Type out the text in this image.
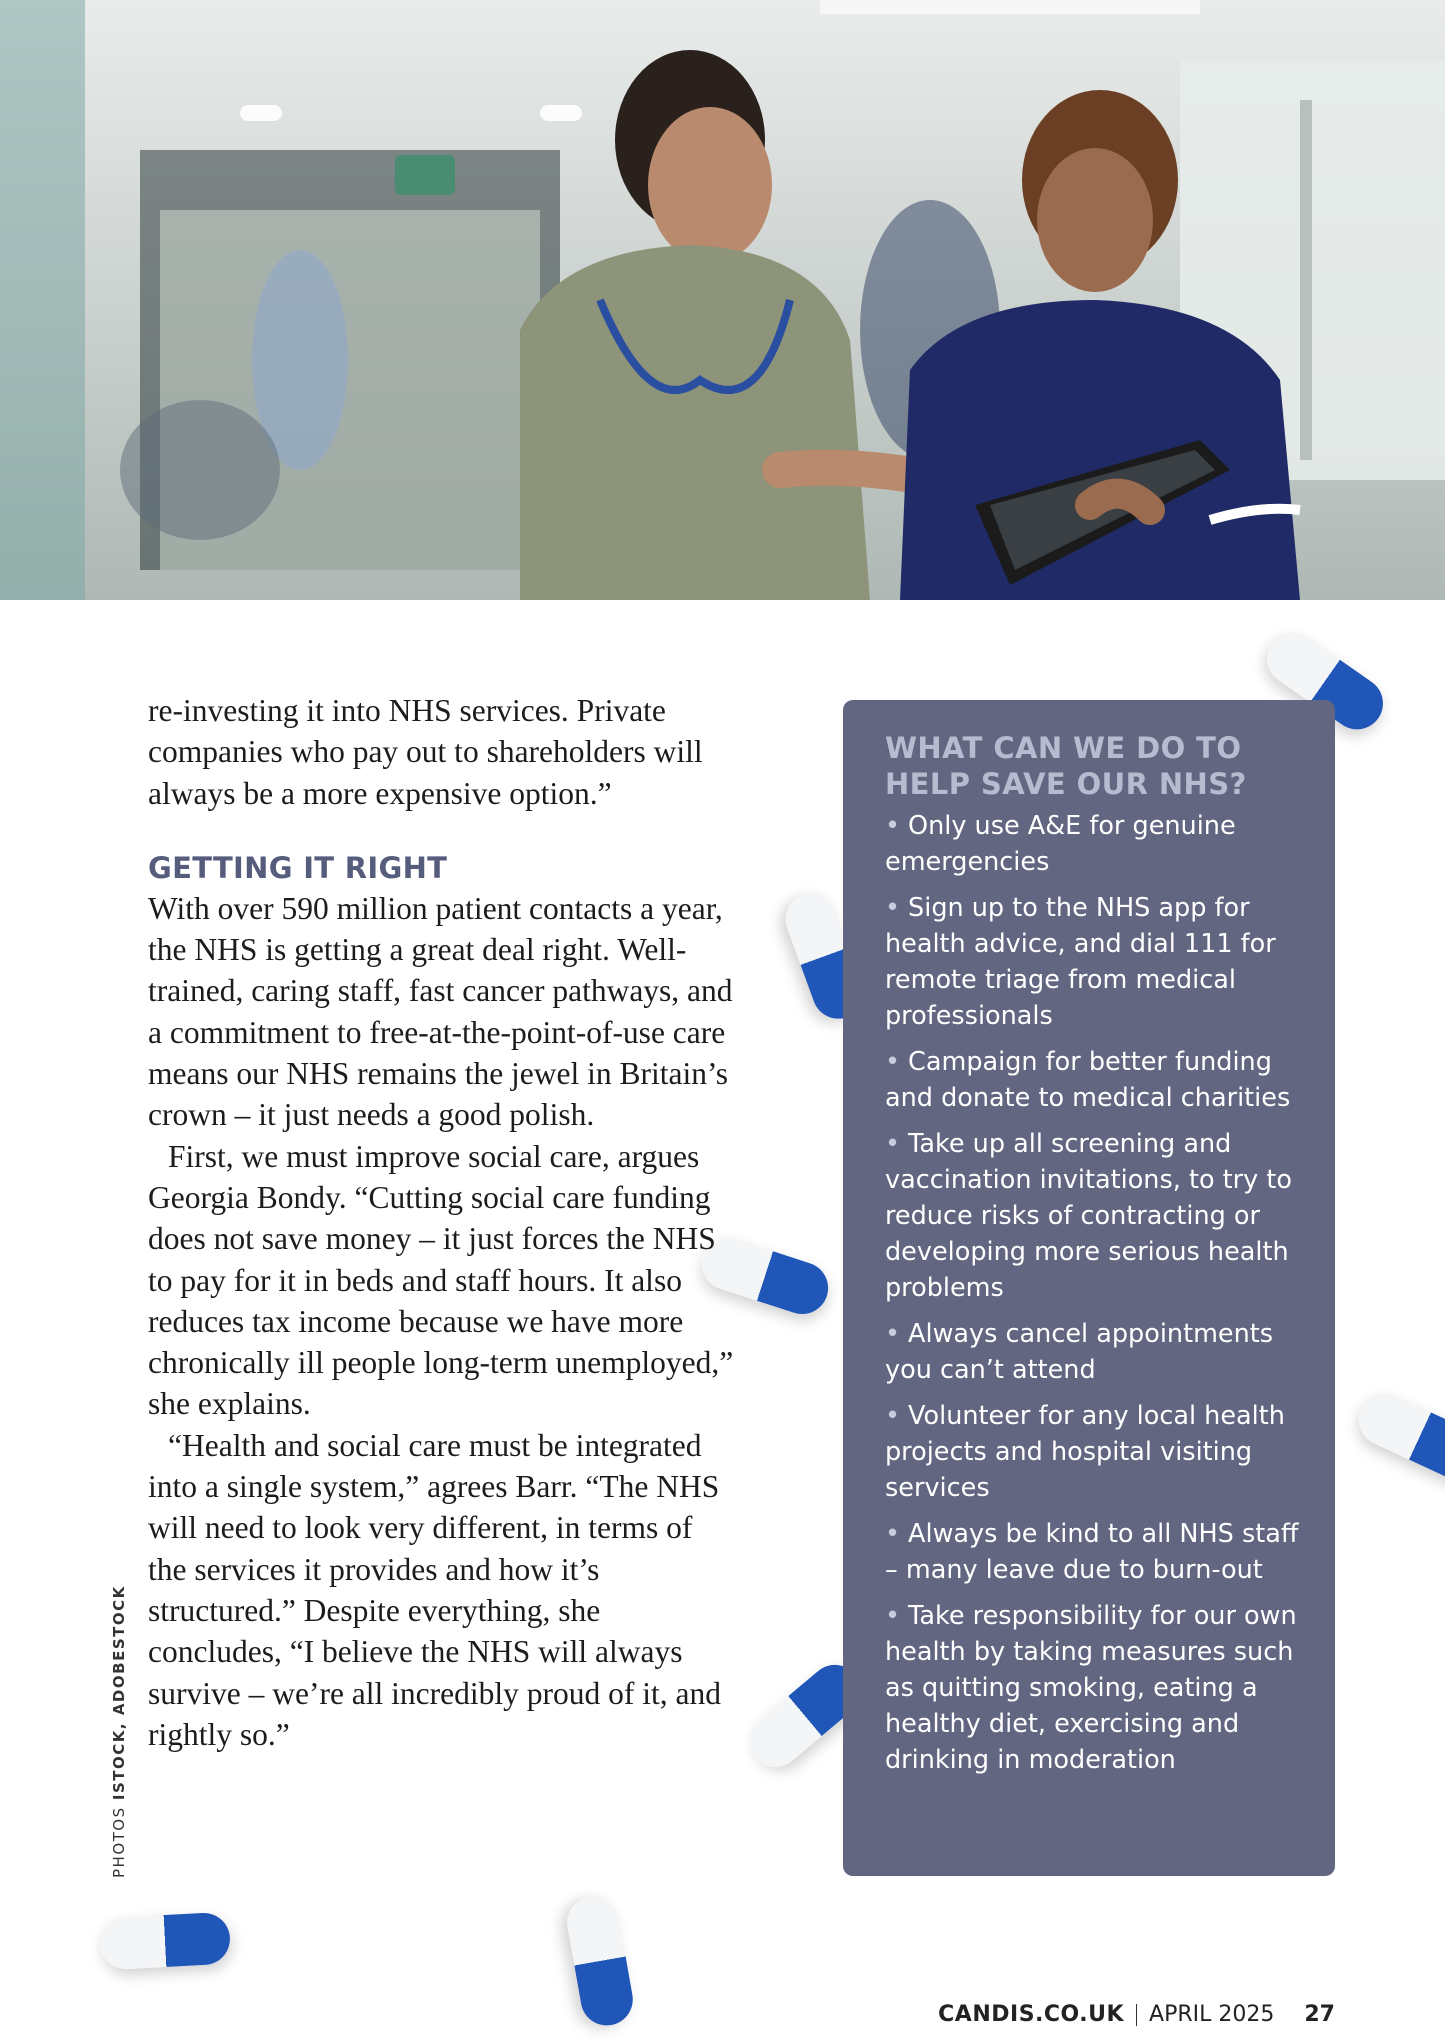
re-investing it into NHS services. Private companies who pay out to shareholders will always be a more expensive option.”

GETTING IT RIGHT

With over 590 million patient contacts a year, the NHS is getting a great deal right. Well-trained, caring staff, fast cancer pathways, and a commitment to free-at-the-point-of-use care means our NHS remains the jewel in Britain’s crown – it just needs a good polish.

First, we must improve social care, argues Georgia Bondy. “Cutting social care funding does not save money – it just forces the NHS to pay for it in beds and staff hours. It also reduces tax income because we have more chronically ill people long-term unemployed,” she explains.

“Health and social care must be integrated into a single system,” agrees Barr. “The NHS will need to look very different, in terms of the services it provides and how it’s structured.” Despite everything, she concludes, “I believe the NHS will always survive – we’re all incredibly proud of it, and rightly so.”

WHAT CAN WE DO TO HELP SAVE OUR NHS?

• Only use A&E for genuine emergencies

• Sign up to the NHS app for health advice, and dial 111 for remote triage from medical professionals

• Campaign for better funding and donate to medical charities

• Take up all screening and vaccination invitations, to try to reduce risks of contracting or developing more serious health problems

• Always cancel appointments you can’t attend

• Volunteer for any local health projects and hospital visiting services

• Always be kind to all NHS staff – many leave due to burn-out

• Take responsibility for our own health by taking measures such as quitting smoking, eating a healthy diet, exercising and drinking in moderation

PHOTOS ISTOCK, ADOBESTOCK
CANDIS.CO.UK APRIL 2025 27
